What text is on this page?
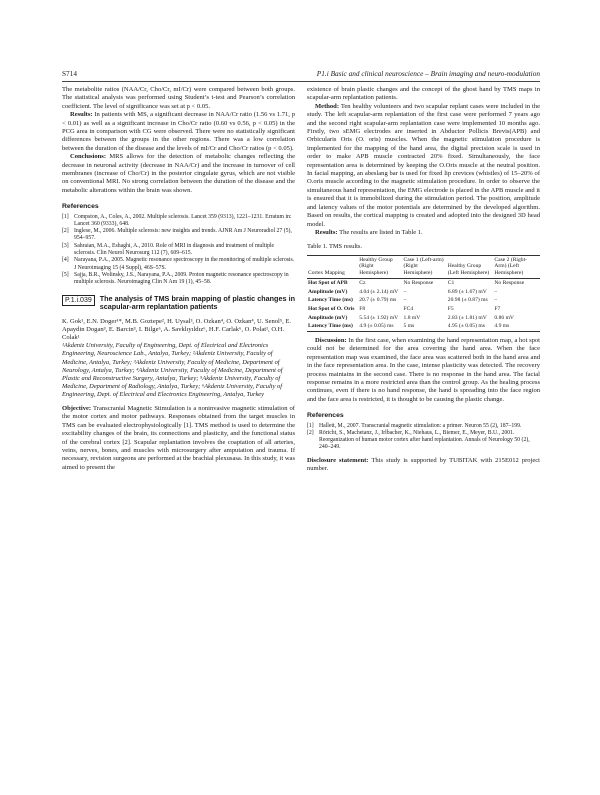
S714	P1.i Basic and clinical neuroscience – Brain imaging and neuro-modulation

The metabolite ratios (NAA/Cr, Cho/Cr, mI/Cr) were compared between both groups. The statistical analysis was performed using Student’s t-test and Pearson’s correlation coefficient. The level of significance was set at p < 0.05.

Results: In patients with MS, a significant decrease in NAA/Cr ratio (1.56 vs 1.71, p < 0.01) as well as a significant increase in Cho/Cr ratio (0.60 vs 0.56, p < 0.05) in the PCG area in comparison with CG were observed. There were no statistically significant differences between the groups in the other regions. There was a low correlation between the duration of the disease and the levels of mI/Cr and Cho/Cr ratios (p < 0.05).

Conclusions: MRS allows for the detection of metabolic changes reflecting the decrease in neuronal activity (decrease in NAA/Cr) and the increase in turnover of cell membranes (increase of Cho/Cr) in the posterior cingulate gyrus, which are not visible on conventional MRI. No strong correlation between the duration of the disease and the metabolic alterations within the brain was shown.

References
[1] Compston, A., Coles, A., 2002. Multiple sclerosis. Lancet 359 (9313), 1221–1231. Erratum in: Lancet 360 (9333), 648.
[2] Inglese, M., 2006. Multiple sclerosis: new insights and trends. AJNR Am J Neuroradiol 27 (5), 954–957.
[3] Sahraian, M.A., Eshaghi, A., 2010. Role of MRI in diagnosis and treatment of multiple sclerosis. Clin Neurol Neurosurg 112 (7), 609–615.
[4] Narayana, P.A., 2005. Magnetic resonance spectroscopy in the monitoring of multiple sclerosis. J Neuroimaging 15 (4 Suppl), 46S–57S.
[5] Sajja, B.R., Wolinsky, J.S., Narayana, P.A., 2009. Proton magnetic resonance spectroscopy in multiple sclerosis. Neuroimaging Clin N Am 19 (1), 45–58.
P.1.i.039	The analysis of TMS brain mapping of plastic changes in scapular-arm replantation patients

K. Gok¹, E.N. Doger¹*, M.B. Goztepe², H. Uysal³, O. Ozkan⁴, O. Ozkan⁴, U. Senol⁵, E. Apaydin Dogan³, E. Barcin³, I. Bilge⁶, A. Savklıyıldız⁶, H.F. Carlak⁶, O. Polat¹, O.H. Colak¹

¹Akdeniz University, Faculty of Engineering, Dept. of Electrical and Electronics Engineering, Neuroscience Lab., Antalya, Turkey; ²Akdeniz University, Faculty of Medicine, Antalya, Turkey; ³Akdeniz University, Faculty of Medicine, Department of Neurology, Antalya, Turkey; ⁴Akdeniz University, Faculty of Medicine, Department of Plastic and Reconstructive Surgery, Antalya, Turkey; ⁵Akdeniz University, Faculty of Medicine, Department of Radiology, Antalya, Turkey; ⁶Akdeniz University, Faculty of Engineering, Dept. of Electrical and Electronics Engineering, Antalya, Turkey

Objective: Transcranial Magnetic Stimulation is a noninvasive magnetic stimulation of the motor cortex and motor pathways. Responses obtained from the target muscles in TMS can be evaluated electrophysiologically [1]. TMS method is used to determine the excitability changes of the brain, its connections and plasticity, and the functional status of the cerebral cortex [2]. Scapular replantation involves the coaptation of all arteries, veins, nerves, bones, and muscles with microsurgery after amputation and trauma. If necessary, revision surgeons are performed at the brachial plexusasa. In this study, it was aimed to present the

existence of brain plastic changes and the concept of the ghost hand by TMS maps in scapular-arm replantation patients.

Method: Ten healthy volunteers and two scapular replant cases were included in the study. The left scapular-arm replantation of the first case were performed 7 years ago and the second right scapular-arm replantation case were implemented 10 months ago. Firstly, two sEMG electrodes are inserted in Abductor Pollicis Brevis(APB) and Orbicularis Oris (O. oris) muscles. When the magnetic stimulation procedure is implemented for the mapping of the hand area, the digital precision scale is used in order to make APB muscle contracted 20% fixed. Simultaneously, the face representation area is determined by keeping the O.Oris muscle at the neutral position. In facial mapping, an abeslang bar is used for fixed lip crevices (whistles) of 15–20% of O.oris muscle according to the magnetic stimulation procedure. In order to observe the simultaneous hand representation, the EMG electrode is placed in the APB muscle and it is ensured that it is immobilized during the stimulation period. The position, amplitude and latency values of the motor potentials are determined by the developed algorithm. Based on results, the cortical mapping is created and adopted into the designed 3D head model.

Results: The results are listed in Table 1.

Table 1. TMS results.
Cortex Mapping	Healthy Group (Right Hemisphere)	Case 1 (Left-arm) (Right Hemisphere)	Healthy Group (Left Hemisphere)	Case 2 (Right-Arm) (Left Hemisphere)
Hot Spot of APB	Cz	No Response	C1	No Response
Amplitude (mV)	4.04 (± 2.14) mV	–	6.89 (± 1.67) mV	–
Latency Time (ms)	20.7 (± 0.79) ms	–	20.98 (± 0.87) ms	–
Hot Spot of O. Oris	F8	FC4	F5	F7
Amplitude (mV)	5.54 (± 1.92) mV	1.8 mV	2.83 (± 1.81) mV	0.86 mV
Latency Time (ms)	4.9 (± 0.05) ms	5 ms	4.95 (± 0.05) ms	4.9 ms

Discussion: In the first case, when examining the hand representation map, a hot spot could not be determined for the area covering the hand area. When the face representation map was examined, the face area was scattered both in the hand area and in the face representation area. In the case, intense plasticity was detected. The recovery process maintains in the second case. There is no response in the hand area. The facial response remains in a more restricted area than the control group. As the healing process continues, even if there is no hand response, the hand is spreading into the face region and the face area is restricted, it is thought to be causing the plastic change.

References
[1] Hallett, M., 2007. Transcranial magnetic stimulation: a primer. Neuron 55 (2), 187–199.
[2] Röricht, S., Machetanz, J., Irlbacher, K., Niehaus, L., Biemer, E., Meyer, B.U., 2001. Reorganization of human motor cortex after hand replantation. Annals of Neurology 50 (2), 240–249.

Disclosure statement: This study is supported by TUBITAK with 215E012 project number.
